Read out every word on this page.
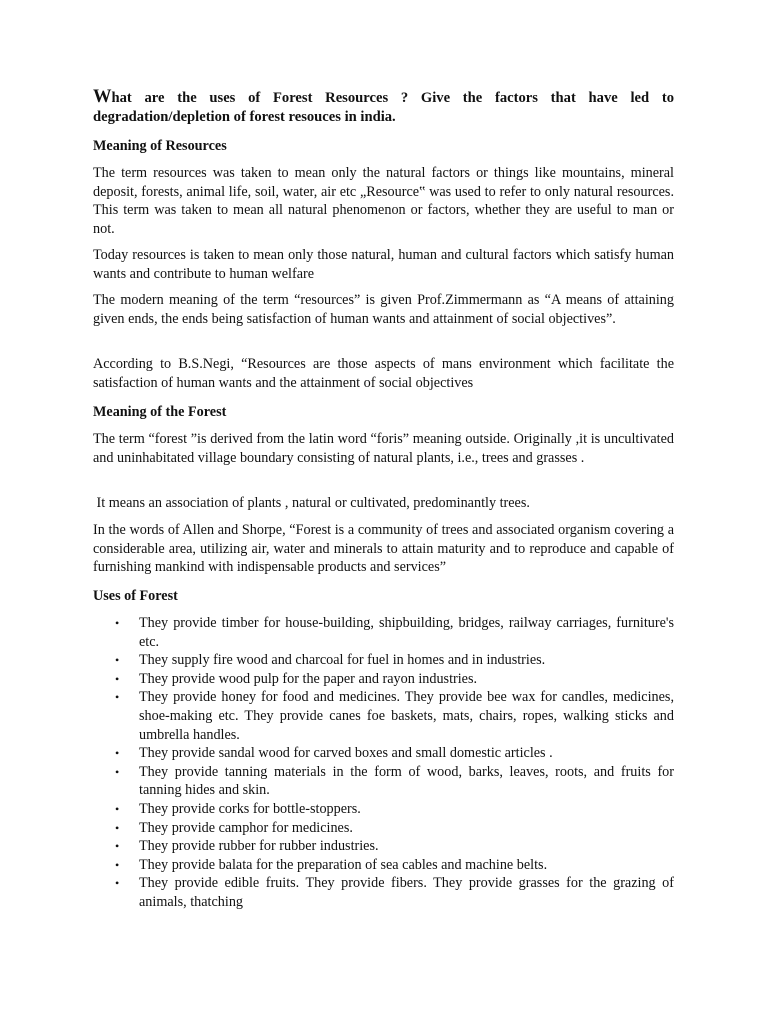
What are the uses of Forest Resources ? Give the factors that have led to degradation/depletion of forest resouces in india.

Meaning of Resources

The term resources was taken to mean only the natural factors or things like mountains, mineral deposit, forests, animal life, soil, water, air etc „Resource‟ was used to refer to only natural resources. This term was taken to mean all natural phenomenon or factors, whether they are useful to man or not.

Today resources is taken to mean only those natural, human and cultural factors which satisfy human wants and contribute to human welfare

The modern meaning of the term “resources” is given Prof.Zimmermann as “A means of attaining given ends, the ends being satisfaction of human wants and attainment of social objectives”.

According to B.S.Negi, “Resources are those aspects of mans environment which facilitate the satisfaction of human wants and the attainment of social objectives

Meaning of the Forest

The term “forest ”is derived from the latin word “foris” meaning outside. Originally ,it is uncultivated and uninhabitated village boundary consisting of natural plants, i.e., trees and grasses .

It means an association of plants , natural or cultivated, predominantly trees.

In the words of Allen and Shorpe, “Forest is a community of trees and associated organism covering a considerable area, utilizing air, water and minerals to attain maturity and to reproduce and capable of furnishing mankind with indispensable products and services”

Uses of Forest

• They provide timber for house-building, shipbuilding, bridges, railway carriages, furniture's etc.
• They supply fire wood and charcoal for fuel in homes and in industries.
• They provide wood pulp for the paper and rayon industries.
• They provide honey for food and medicines. They provide bee wax for candles, medicines, shoe-making etc. They provide canes foe baskets, mats, chairs, ropes, walking sticks and umbrella handles.
• They provide sandal wood for carved boxes and small domestic articles .
• They provide tanning materials in the form of wood, barks, leaves, roots, and fruits for tanning hides and skin.
• They provide corks for bottle-stoppers.
• They provide camphor for medicines.
• They provide rubber for rubber industries.
• They provide balata for the preparation of sea cables and machine belts.
• They provide edible fruits. They provide fibers. They provide grasses for the grazing of animals, thatching
